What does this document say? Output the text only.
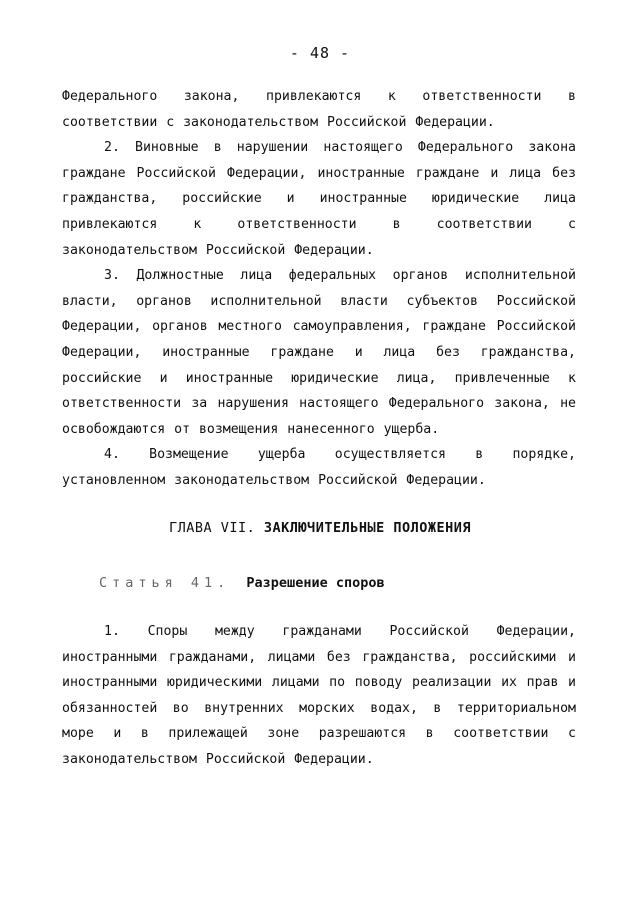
- 48 -

Федерального закона, привлекаются к ответственности в соответствии с законодательством Российской Федерации.

2. Виновные в нарушении настоящего Федерального закона граждане Российской Федерации, иностранные граждане и лица без гражданства, российские и иностранные юридические лица привлекаются к ответственности в соответствии с законодательством Российской Федерации.

3. Должностные лица федеральных органов исполнительной власти, органов исполнительной власти субъектов Российской Федерации, органов местного самоуправления, граждане Российской Федерации, иностранные граждане и лица без гражданства, российские и иностранные юридические лица, привлеченные к ответственности за нарушения настоящего Федерального закона, не освобождаются от возмещения нанесенного ущерба.

4. Возмещение ущерба осуществляется в порядке, установленном законодательством Российской Федерации.

ГЛАВА VII. ЗАКЛЮЧИТЕЛЬНЫЕ ПОЛОЖЕНИЯ
Статья 41. Разрешение споров

1. Споры между гражданами Российской Федерации, иностранными гражданами, лицами без гражданства, российскими и иностранными юридическими лицами по поводу реализации их прав и обязанностей во внутренних морских водах, в территориальном море и в прилежащей зоне разрешаются в соответствии с законодательством Российской Федерации.
